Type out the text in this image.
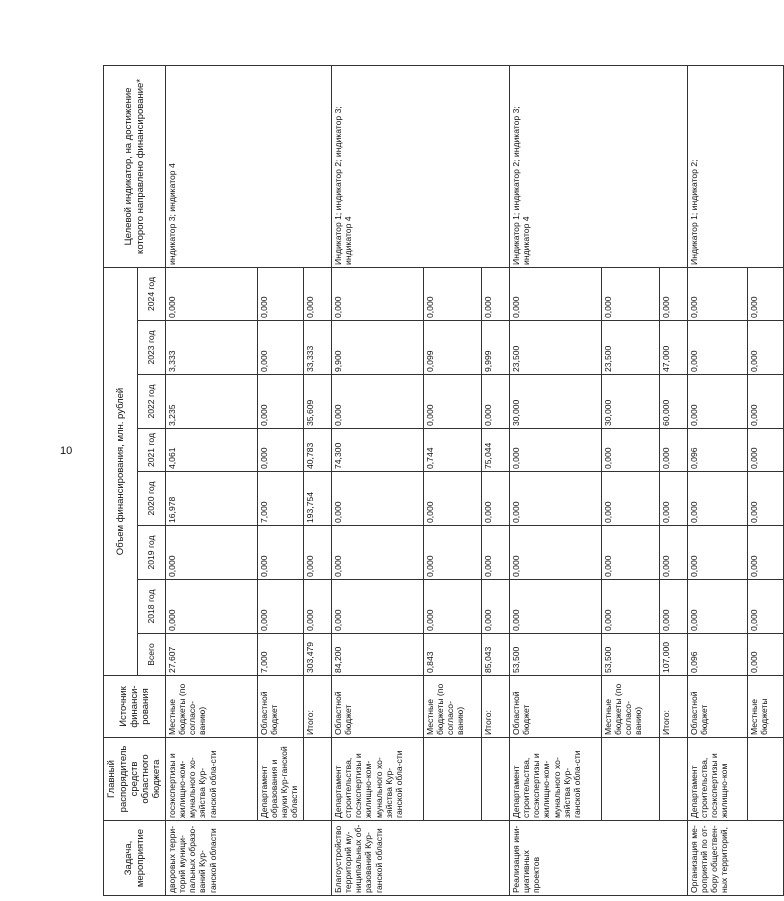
10
Задача, мероприятие	Главный распорядитель средств областного бюджета	Источник финанси-рования	Объем финансирования, млн. рублей								Целевой индикатор, на достижение которого направлено финансирование*
			Всего	2018 год	2019 год	2020 год	2021 год	2022 год	2023 год	2024 год	
дворовых терри-торий муници-пальных образо-ваний Кур-ганской области	госэкспертизы и жилищно-ком-мунального хо-зяйства Кур-ганской обла-сти	Местные бюджеты (по согласо-ванию)	27,607	0,000	0,000	16,978	4,061	3,235	3,333	0,000	индикатор 3; индикатор 4
	Департамент образования и науки Кур-ганской области	Областной бюджет	7,000	0,000	0,000	7,000	0,000	0,000	0,000	0,000	
		Итого:	303,479	0,000	0,000	193,754	40,783	35,609	33,333	0,000	
Благоустройство территорий му-ниципальных об-разований Кур-ганской области	Департамент строительства, госэкспертизы и жилищно-ком-мунального хо-зяйства Кур-ганской обла-сти	Областной бюджет	84,200	0,000	0,000	0,000	74,300	0,000	9,900	0,000	Индикатор 1; индикатор 2; индикатор 3; индикатор 4
		Местные бюджеты (по согласо-ванию)	0,843	0,000	0,000	0,000	0,744	0,000	0,099	0,000	
		Итого:	85,043	0,000	0,000	0,000	75,044	0,000	9,999	0,000	
Реализация ини-циативных проектов	Департамент строительства, госэкспертизы и жилищно-ком-мунального хо-зяйства Кур-ганской обла-сти	Областной бюджет	53,500	0,000	0,000	0,000	0,000	30,000	23,500	0,000	Индикатор 1; индикатор 2; индикатор 3; индикатор 4
		Местные бюджеты (по согласо-ванию)	53,500	0,000	0,000	0,000	0,000	30,000	23,500	0,000	
		Итого:	107,000	0,000	0,000	0,000	0,000	60,000	47,000	0,000	
Организация ме-роприятий по от-бору обществен-ных территорий,	Департамент строительства, госэкспертизы и жилищно-ком	Областной бюджет	0,096	0,000	0,000	0,000	0,096	0,000	0,000	0,000	Индикатор 1; индикатор 2;
		Местные бюджеты	0,000	0,000	0,000	0,000	0,000	0,000	0,000	0,000	
